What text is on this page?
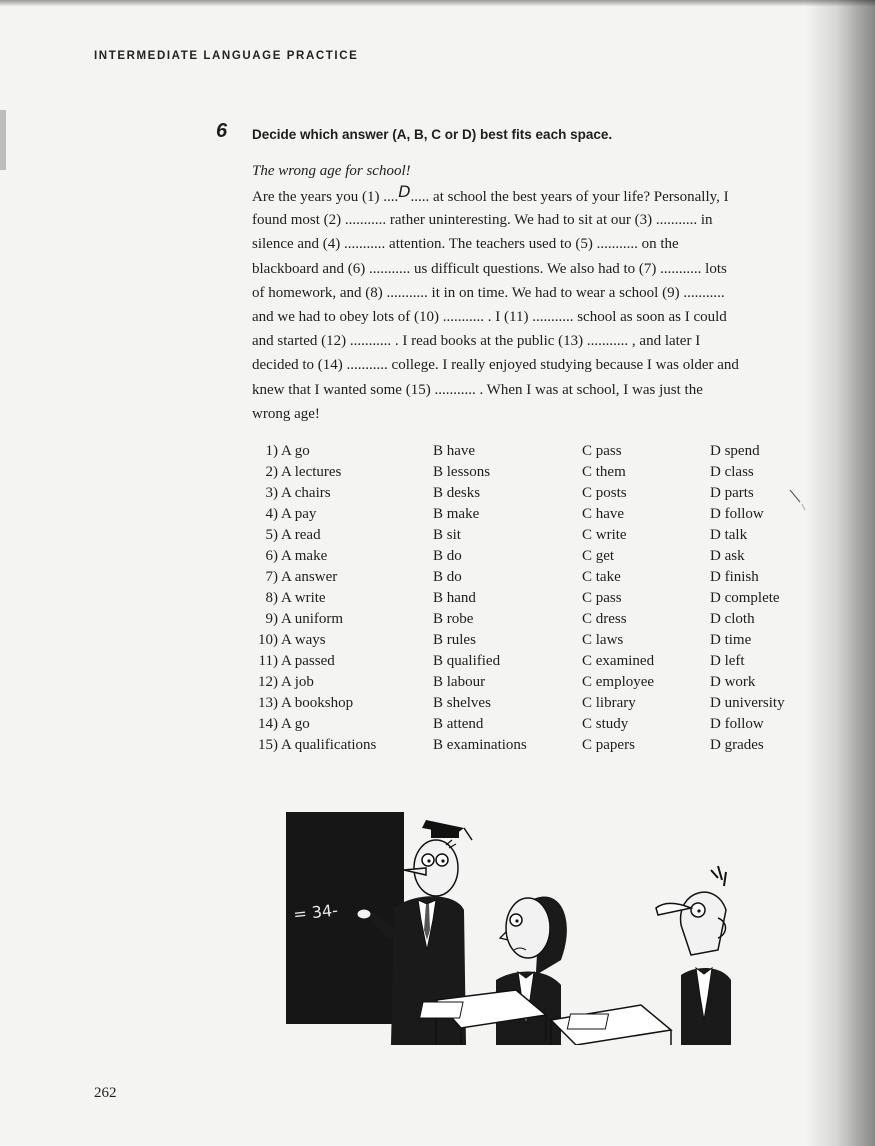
INTERMEDIATE LANGUAGE PRACTICE
6 Decide which answer (A, B, C or D) best fits each space.
The wrong age for school!
Are the years you (1) ....D..... at school the best years of your life? Personally, I
found most (2) ........... rather uninteresting. We had to sit at our (3) ........... in
silence and (4) ........... attention. The teachers used to (5) ........... on the
blackboard and (6) ........... us difficult questions. We also had to (7) ........... lots
of homework, and (8) ........... it in on time. We had to wear a school (9) ...........
and we had to obey lots of (10) ........... . I (11) ........... school as soon as I could
and started (12) ........... . I read books at the public (13) ........... , and later I
decided to (14) ........... college. I really enjoyed studying because I was older and
knew that I wanted some (15) ........... . When I was at school, I was just the
wrong age!
1) A go	B have	C pass	D spend
2) A lectures	B lessons	C them	D class
3) A chairs	B desks	C posts	D parts
4) A pay	B make	C have	D follow
5) A read	B sit	C write	D talk
6) A make	B do	C get	D ask
7) A answer	B do	C take	D finish
8) A write	B hand	C pass	D complete
9) A uniform	B robe	C dress	D cloth
10) A ways	B rules	C laws	D time
11) A passed	B qualified	C examined	D left
12) A job	B labour	C employee	D work
13) A bookshop	B shelves	C library	D university
14) A go	B attend	C study	D follow
15) A qualifications	B examinations	C papers	D grades
= 34-
262
